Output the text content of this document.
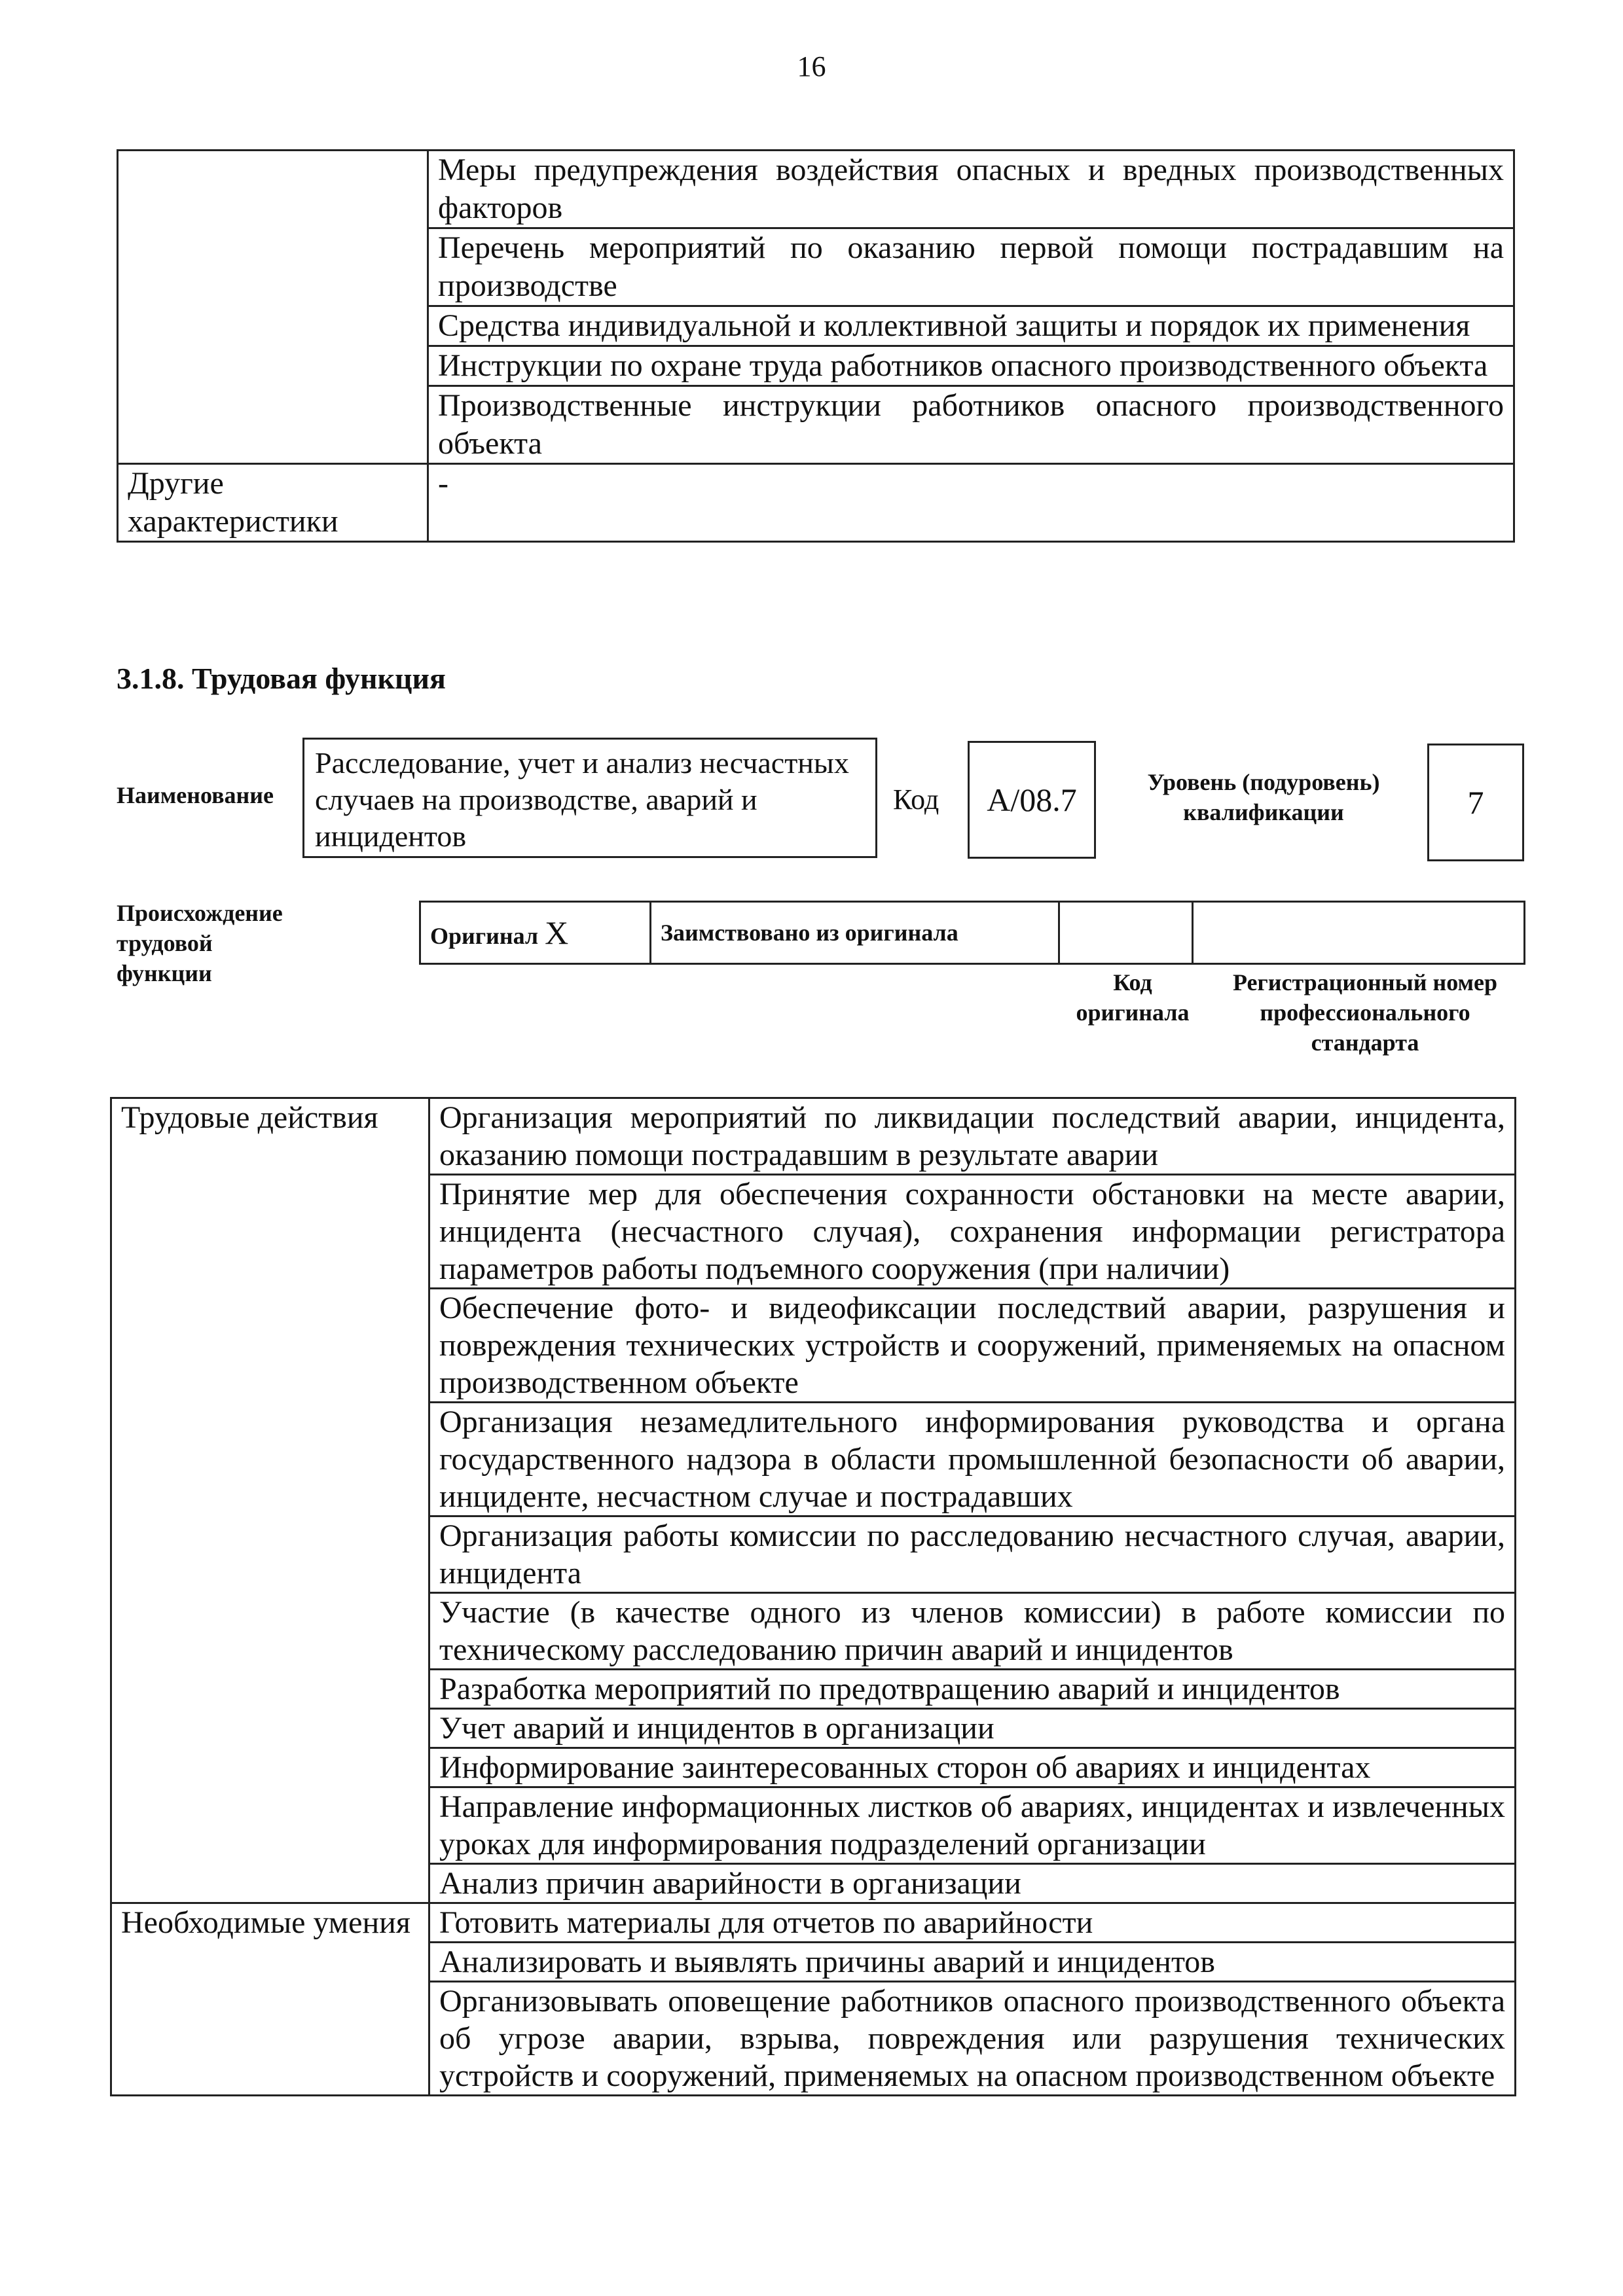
16
	Меры предупреждения воздействия опасных и вредных производственных факторов
	Перечень мероприятий по оказанию первой помощи пострадавшим на производстве
	Средства индивидуальной и коллективной защиты и порядок их применения
	Инструкции по охране труда работников опасного производственного объекта
	Производственные инструкции работников опасного производственного объекта
Другие характеристики	-
3.1.8. Трудовая функция
Наименование
Расследование, учет и анализ несчастных случаев на производстве, аварий и инцидентов
Код	А/08.7	Уровень (подуровень) квалификации	7
Происхождение трудовой функции
Оригинал Х	Заимствовано из оригинала		
Код оригинала
Регистрационный номер профессионального стандарта
Трудовые действия	Организация мероприятий по ликвидации последствий аварии, инцидента, оказанию помощи пострадавшим в результате аварии
	Принятие мер для обеспечения сохранности обстановки на месте аварии, инцидента (несчастного случая), сохранения информации регистратора параметров работы подъемного сооружения (при наличии)
	Обеспечение фото- и видеофиксации последствий аварии, разрушения и повреждения технических устройств и сооружений, применяемых на опасном производственном объекте
	Организация незамедлительного информирования руководства и органа государственного надзора в области промышленной безопасности об аварии, инциденте, несчастном случае и пострадавших
	Организация работы комиссии по расследованию несчастного случая, аварии, инцидента
	Участие (в качестве одного из членов комиссии) в работе комиссии по техническому расследованию причин аварий и инцидентов
	Разработка мероприятий по предотвращению аварий и инцидентов
	Учет аварий и инцидентов в организации
	Информирование заинтересованных сторон об авариях и инцидентах
	Направление информационных листков об авариях, инцидентах и извлеченных уроках для информирования подразделений организации
	Анализ причин аварийности в организации
Необходимые умения	Готовить материалы для отчетов по аварийности
	Анализировать и выявлять причины аварий и инцидентов
	Организовывать оповещение работников опасного производственного объекта об угрозе аварии, взрыва, повреждения или разрушения технических устройств и сооружений, применяемых на опасном производственном объекте
